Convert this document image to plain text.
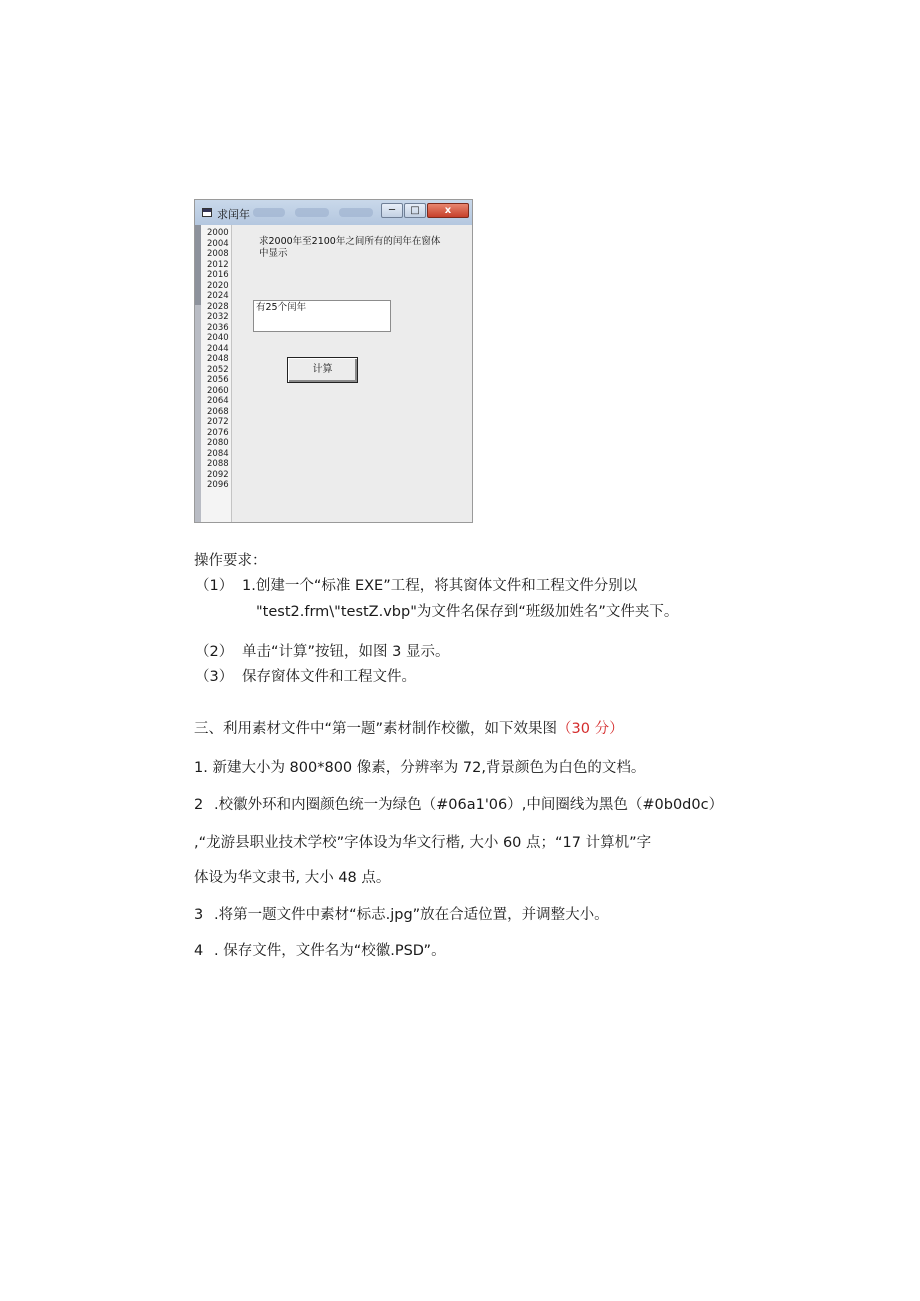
求闰年	─	□	x
2000
2004
2008
2012
2016
2020
2024
2028
2032
2036
2040
2044
2048
2052
2056
2060
2064
2068
2072
2076
2080
2084
2088
2092
2096
求2000年至2100年之间所有的闰年在窗体中显示
有25个闰年
计算
操作要求：
（1） 1.创建一个“标准 EXE”工程，将其窗体文件和工程文件分别以
"test2.frm\"testZ.vbp"为文件名保存到“班级加姓名”文件夹下。
（2） 单击“计算”按钮，如图 3 显示。
（3） 保存窗体文件和工程文件。
三、利用素材文件中“第一题”素材制作校徽，如下效果图（30 分）
1. 新建大小为 800*800 像素，分辨率为 72,背景颜色为白色的文档。
2 .校徽外环和内圈颜色统一为绿色（#06a1'06）,中间圈线为黑色（#0b0d0c）
,“龙游县职业技术学校”字体设为华文行楷, 大小 60 点；“17 计算机”字
体设为华文隶书, 大小 48 点。
3 .将第一题文件中素材“标志.jpg”放在合适位置，并调整大小。
4 . 保存文件，文件名为“校徽.PSD”。
